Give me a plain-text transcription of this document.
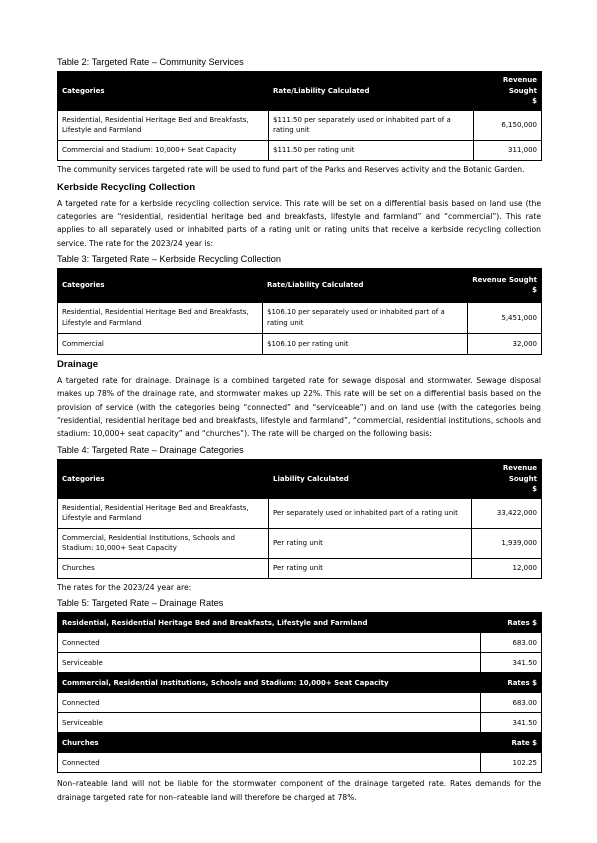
Table 2: Targeted Rate – Community Services

Categories	Rate/Liability Calculated	Revenue Sought
$
Residential, Residential Heritage Bed and Breakfasts, Lifestyle and Farmland	$111.50 per separately used or inhabited part of a rating unit	6,150,000
Commercial and Stadium: 10,000+ Seat Capacity	$111.50 per rating unit	311,000

The community services targeted rate will be used to fund part of the Parks and Reserves activity and the Botanic Garden.

Kerbside Recycling Collection

A targeted rate for a kerbside recycling collection service. This rate will be set on a differential basis based on land use (the categories are “residential, residential heritage bed and breakfasts, lifestyle and farmland” and “commercial”). This rate applies to all separately used or inhabited parts of a rating unit or rating units that receive a kerbside recycling collection service. The rate for the 2023/24 year is:

Table 3: Targeted Rate – Kerbside Recycling Collection

Categories	Rate/Liability Calculated	Revenue Sought
$
Residential, Residential Heritage Bed and Breakfasts, Lifestyle and Farmland	$106.10 per separately used or inhabited part of a rating unit	5,451,000
Commercial	$106.10 per rating unit	32,000

Drainage

A targeted rate for drainage. Drainage is a combined targeted rate for sewage disposal and stormwater. Sewage disposal makes up 78% of the drainage rate, and stormwater makes up 22%. This rate will be set on a differential basis based on the provision of service (with the categories being “connected” and “serviceable”) and on land use (with the categories being “residential, residential heritage bed and breakfasts, lifestyle and farmland”, “commercial, residential institutions, schools and stadium: 10,000+ seat capacity” and “churches”). The rate will be charged on the following basis:

Table 4: Targeted Rate – Drainage Categories

Categories	Liability Calculated	Revenue Sought
$
Residential, Residential Heritage Bed and Breakfasts, Lifestyle and Farmland	Per separately used or inhabited part of a rating unit	33,422,000
Commercial, Residential Institutions, Schools and Stadium: 10,000+ Seat Capacity	Per rating unit	1,939,000
Churches	Per rating unit	12,000

The rates for the 2023/24 year are:

Table 5: Targeted Rate – Drainage Rates

Residential, Residential Heritage Bed and Breakfasts, Lifestyle and Farmland	Rates $
Connected	683.00
Serviceable	341.50
Commercial, Residential Institutions, Schools and Stadium: 10,000+ Seat Capacity	Rates $
Connected	683.00
Serviceable	341.50
Churches	Rate $
Connected	102.25

Non–rateable land will not be liable for the stormwater component of the drainage targeted rate. Rates demands for the drainage targeted rate for non–rateable land will therefore be charged at 78%.
